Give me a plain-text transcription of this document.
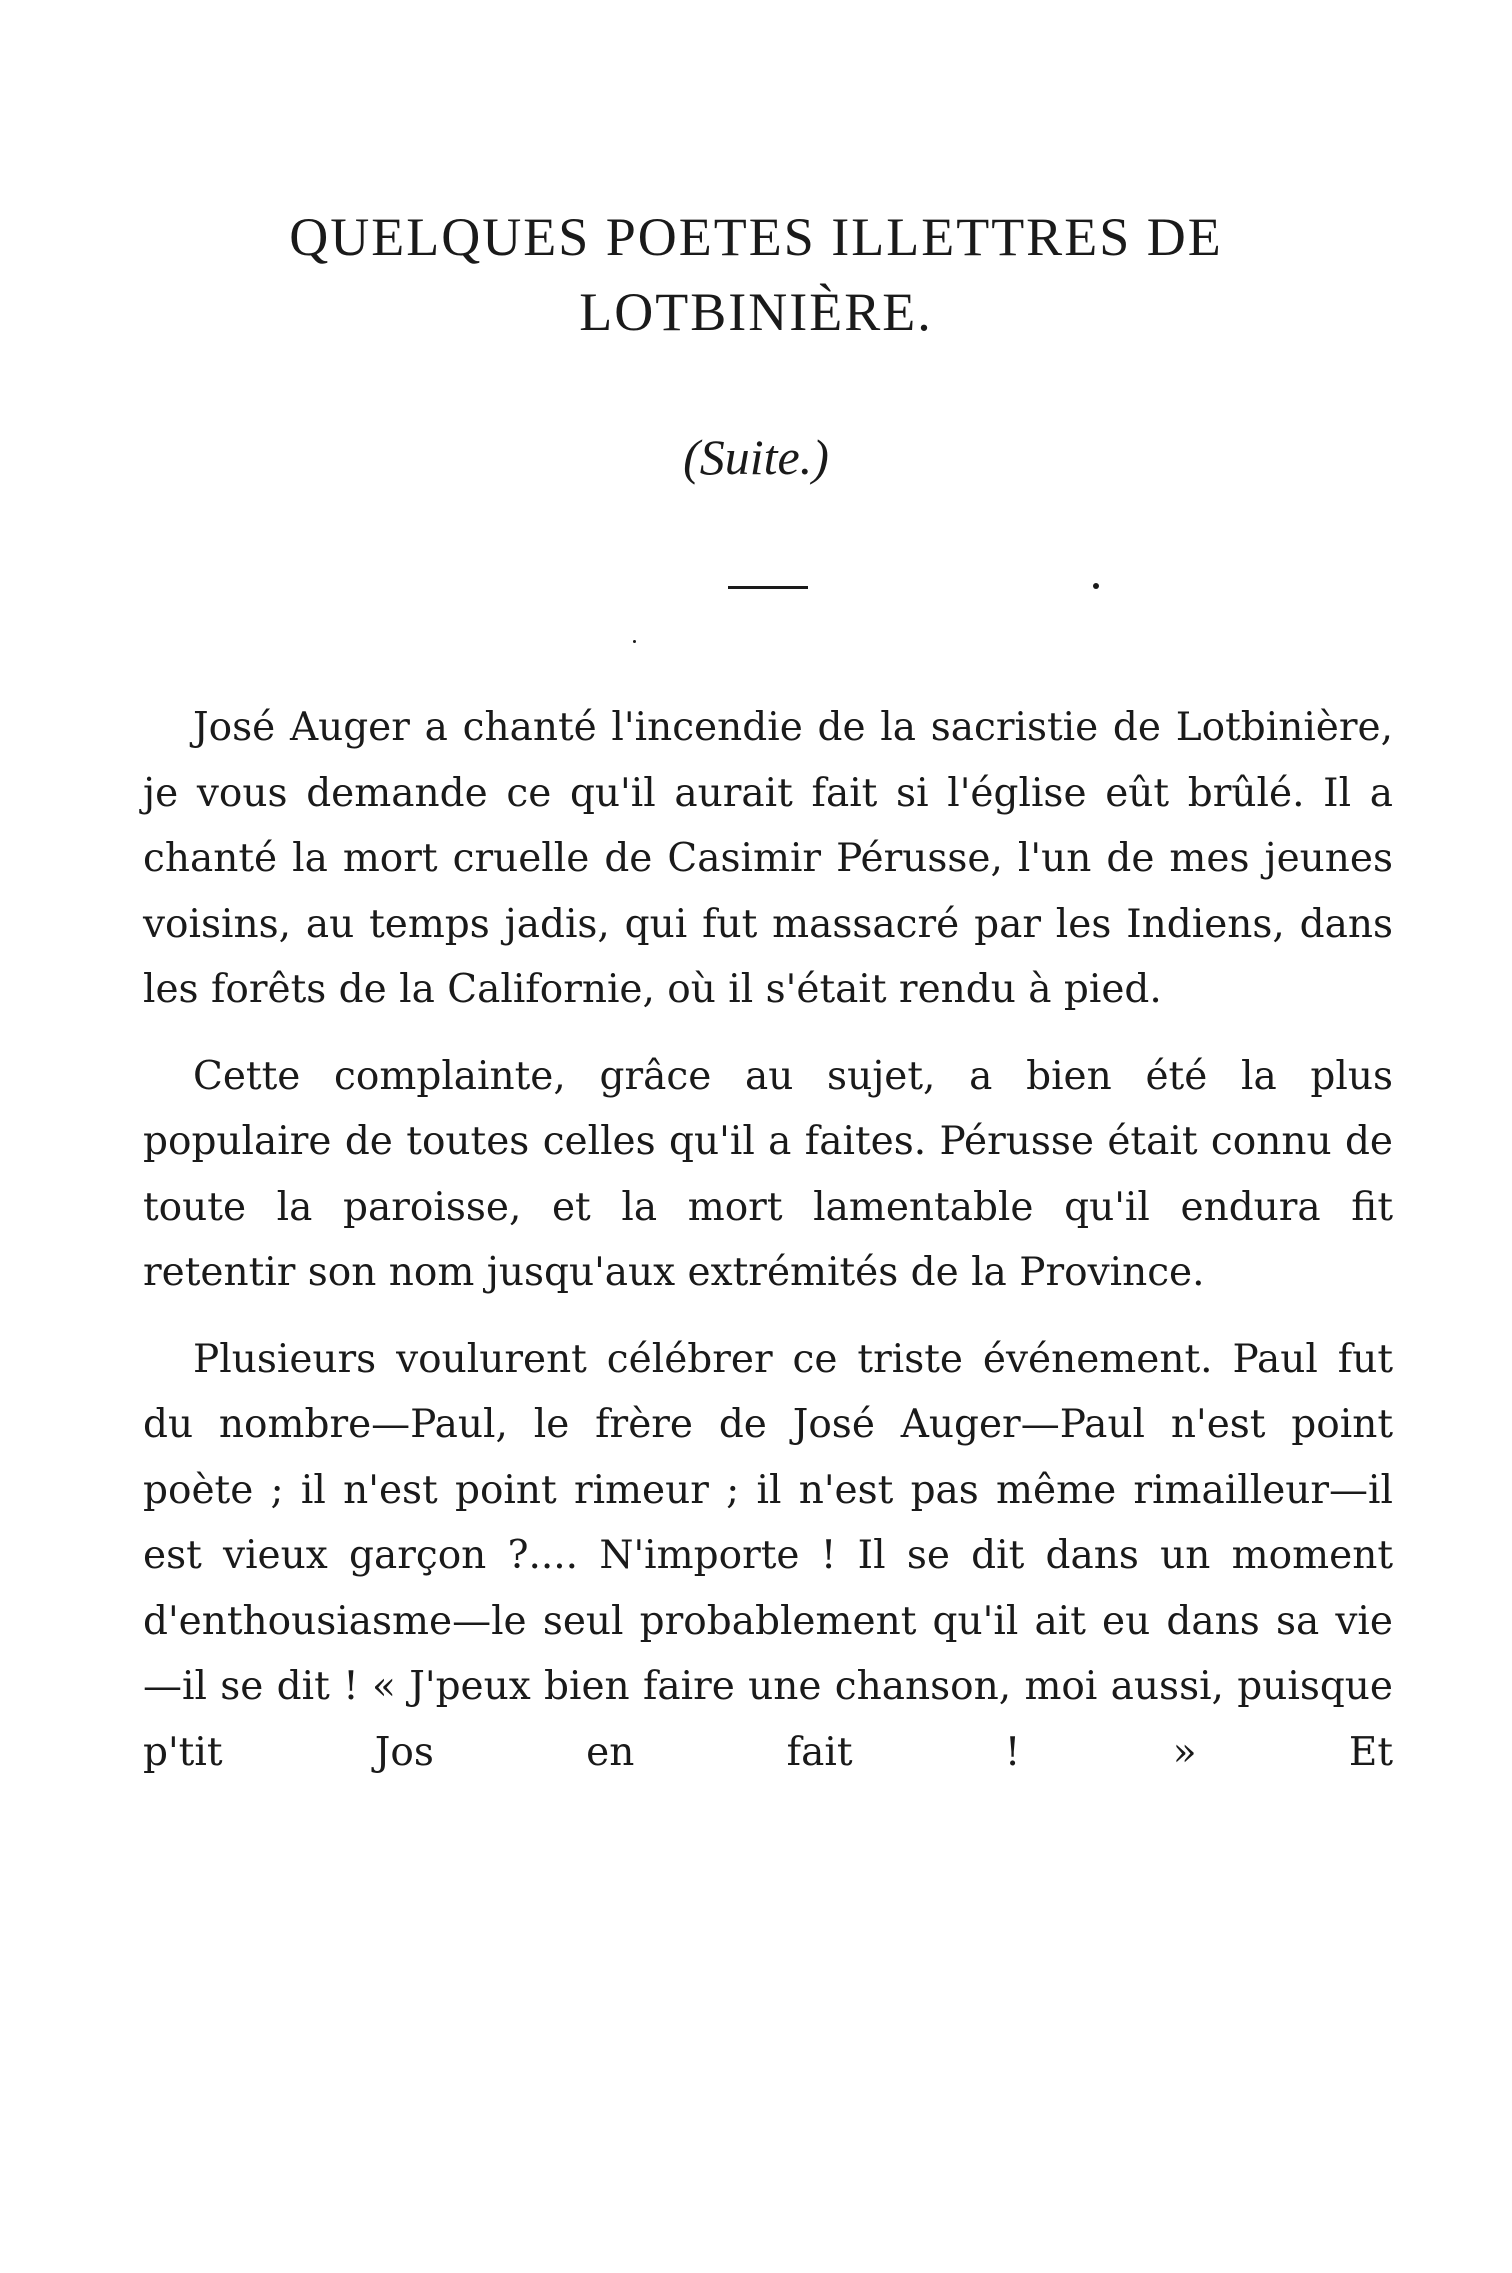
QUELQUES POETES ILLETTRES DE
LOTBINIÈRE.
(Suite.)

José Auger a chanté l'incendie de la sacristie de Lotbinière, je vous demande ce qu'il aurait fait si l'église eût brûlé. Il a chanté la mort cruelle de Casimir Pérusse, l'un de mes jeunes voisins, au temps jadis, qui fut massacré par les Indiens, dans les forêts de la Californie, où il s'était rendu à pied.

Cette complainte, grâce au sujet, a bien été la plus populaire de toutes celles qu'il a faites. Pérusse était connu de toute la paroisse, et la mort lamentable qu'il endura fit retentir son nom jusqu'aux extrémités de la Province.

Plusieurs voulurent célébrer ce triste événement. Paul fut du nombre—Paul, le frère de José Auger—Paul n'est point poète ; il n'est point rimeur ; il n'est pas même rimailleur—il est vieux garçon ?.... N'importe ! Il se dit dans un moment d'enthousiasme—le seul probablement qu'il ait eu dans sa vie—il se dit ! « J'peux bien faire une chanson, moi aussi, puisque p'tit Jos en fait ! » Et
